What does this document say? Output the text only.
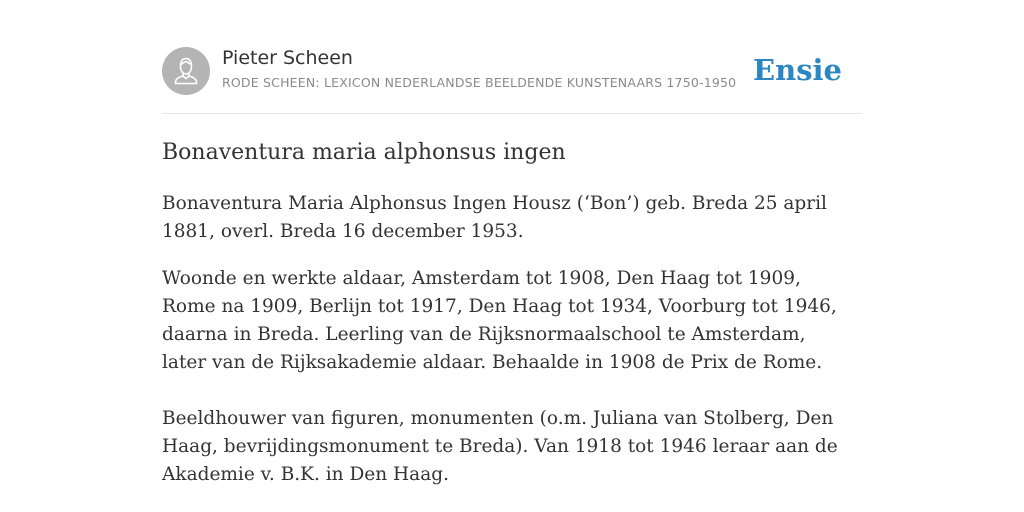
Pieter Scheen
RODE SCHEEN: LEXICON NEDERLANDSE BEELDENDE KUNSTENAARS 1750-1950 Ensie
Bonaventura maria alphonsus ingen

Bonaventura Maria Alphonsus Ingen Housz (‘Bon’) geb. Breda 25 april 1881, overl. Breda 16 december 1953.

Woonde en werkte aldaar, Amsterdam tot 1908, Den Haag tot 1909, Rome na 1909, Berlijn tot 1917, Den Haag tot 1934, Voorburg tot 1946, daarna in Breda. Leerling van de Rijksnormaalschool te Amsterdam, later van de Rijksakademie aldaar. Behaalde in 1908 de Prix de Rome.

Beeldhouwer van figuren, monumenten (o.m. Juliana van Stolberg, Den Haag, bevrijdingsmonument te Breda). Van 1918 tot 1946 leraar aan de Akademie v. B.K. in Den Haag.
